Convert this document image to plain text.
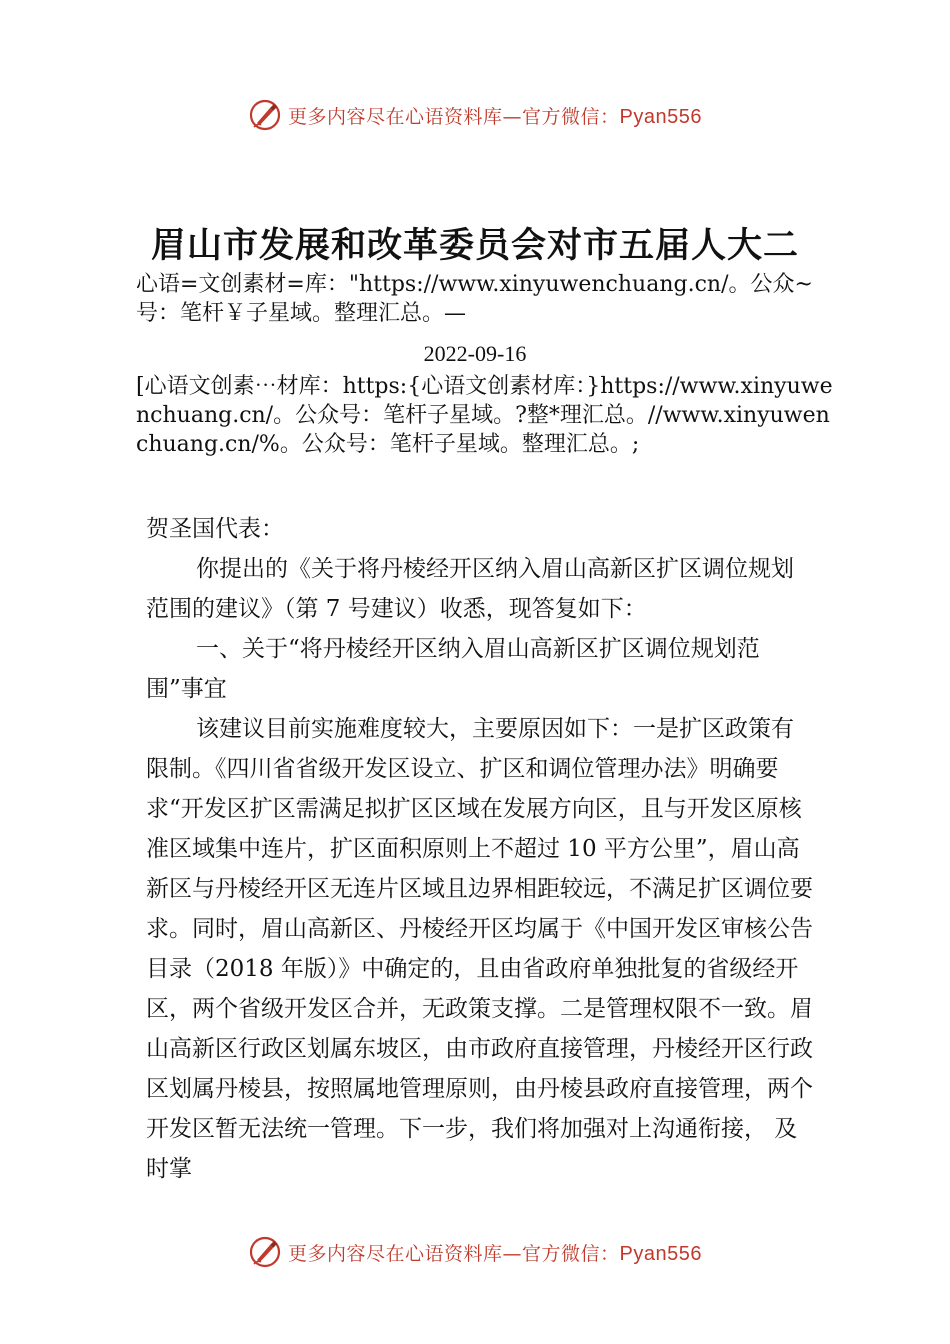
更多内容尽在心语资料库—官方微信：Pyan556
眉山市发展和改革委员会对市五届人大二

心语=文创素材=库："https://www.xinyuwenchuang.cn/。公众~号：笔杆￥子星域。整理汇总。—

2022-09-16

[心语文创素⋯材库：https:{心语文创素材库：}https://www.xinyuwenchuang.cn/。公众号：笔杆子星域。?整*理汇总。//www.xinyuwenchuang.cn/%。公众号：笔杆子星域。整理汇总。;

贺圣国代表：

你提出的《关于将丹棱经开区纳入眉山高新区扩区调位规划范围的建议》（第 7 号建议）收悉，现答复如下：

一、关于“将丹棱经开区纳入眉山高新区扩区调位规划范围”事宜

该建议目前实施难度较大，主要原因如下：一是扩区政策有限制。《四川省省级开发区设立、扩区和调位管理办法》明确要求“开发区扩区需满足拟扩区区域在发展方向区，且与开发区原核准区域集中连片，扩区面积原则上不超过 10 平方公里”，眉山高新区与丹棱经开区无连片区域且边界相距较远，不满足扩区调位要求。同时，眉山高新区、丹棱经开区均属于《中国开发区审核公告目录（2018 年版）》中确定的，且由省政府单独批复的省级经开区，两个省级开发区合并，无政策支撑。二是管理权限不一致。眉山高新区行政区划属东坡区，由市政府直接管理，丹棱经开区行政区划属丹棱县，按照属地管理原则，由丹棱县政府直接管理，两个开发区暂无法统一管理。下一步，我们将加强对上沟通衔接， 及时掌

更多内容尽在心语资料库—官方微信：Pyan556
